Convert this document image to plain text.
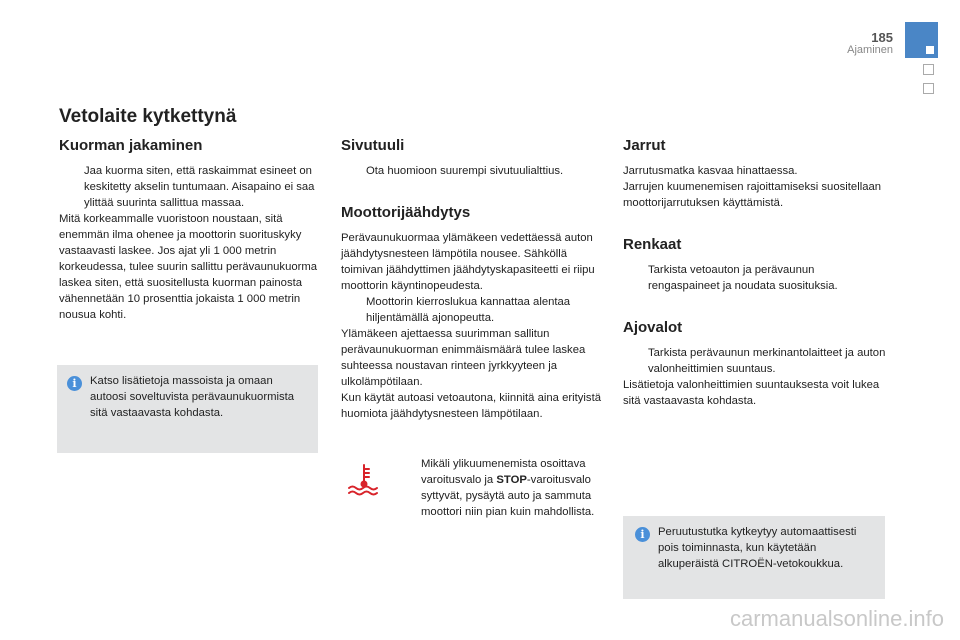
185
Ajaminen
Vetolaite kytkettynä
Kuorman jakaminen
Jaa kuorma siten, että raskaimmat esineet on keskitetty akselin tuntumaan. Aisapaino ei saa ylittää suurinta sallittua massaa.
Mitä korkeammalle vuoristoon noustaan, sitä enemmän ilma ohenee ja moottorin suorituskyky vastaavasti laskee. Jos ajat yli 1 000 metrin korkeudessa, tulee suurin sallittu perävaunukuorma laskea siten, että suositellusta kuorman painosta vähennetään 10 prosenttia jokaista 1 000 metrin nousua kohti.
i	Katso lisätietoja massoista ja omaan autoosi soveltuvista perävaunukuormista sitä vastaavasta kohdasta.
Sivutuuli
Ota huomioon suurempi sivutuulialttius.
Moottorijäähdytys
Perävaunukuormaa ylämäkeen vedettäessä auton jäähdytysnesteen lämpötila nousee. Sähköllä toimivan jäähdyttimen jäähdytyskapasiteetti ei riipu moottorin käyntinopeudesta.
Moottorin kierroslukua kannattaa alentaa hiljentämällä ajonopeutta.
Ylämäkeen ajettaessa suurimman sallitun perävaunukuorman enimmäismäärä tulee laskea suhteessa noustavan rinteen jyrkkyyteen ja ulkolämpötilaan.
Kun käytät autoasi vetoautona, kiinnitä aina erityistä huomiota jäähdytysnesteen lämpötilaan.
Mikäli ylikuumenemista osoittava varoitusvalo ja STOP-varoitusvalo syttyvät, pysäytä auto ja sammuta moottori niin pian kuin mahdollista.
Jarrut
Jarrutusmatka kasvaa hinattaessa.
Jarrujen kuumenemisen rajoittamiseksi suositellaan moottorijarrutuksen käyttämistä.
Renkaat
Tarkista vetoauton ja perävaunun rengaspaineet ja noudata suosituksia.
Ajovalot
Tarkista perävaunun merkinantolaitteet ja auton valonheittimien suuntaus.
Lisätietoja valonheittimien suuntauksesta voit lukea sitä vastaavasta kohdasta.
i	Peruutustutka kytkeytyy automaattisesti pois toiminnasta, kun käytetään alkuperäistä CITROËN-vetokoukkua.
carmanualsonline.info
